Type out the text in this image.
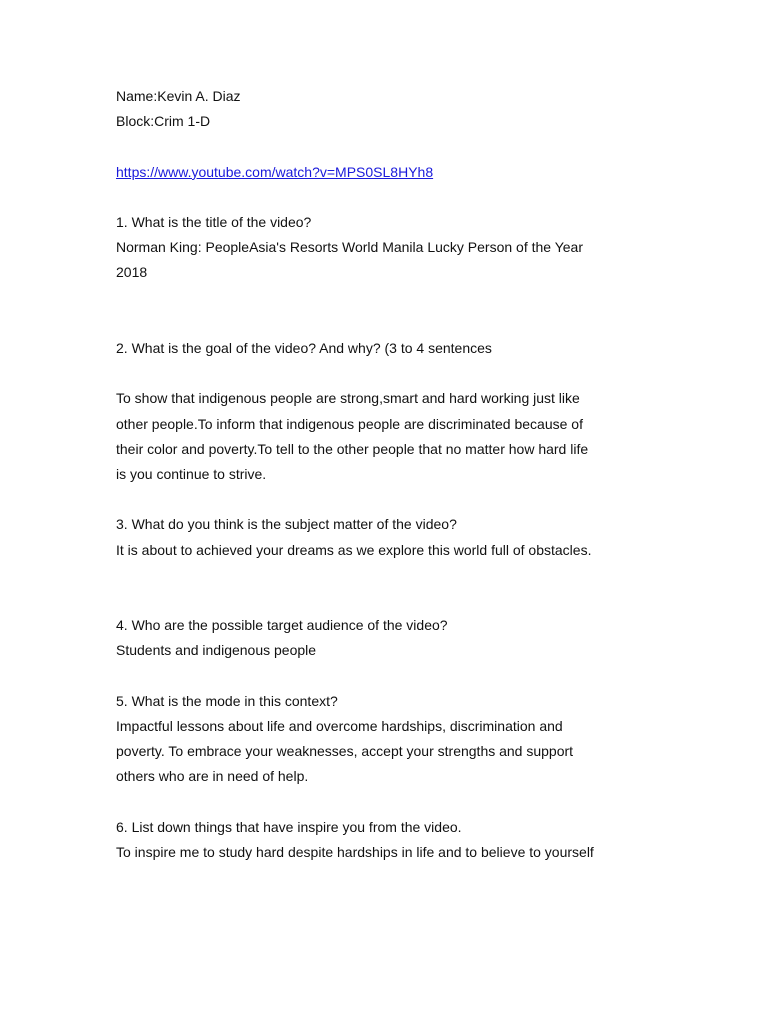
Name:Kevin A. Diaz

Block:Crim 1-D

https://www.youtube.com/watch?v=MPS0SL8HYh8

1. What is the title of the video?

Norman King: PeopleAsia's Resorts World Manila Lucky Person of the Year

2018

2. What is the goal of the video? And why? (3 to 4 sentences

To show that indigenous people are strong,smart and hard working just like

other people.To inform that indigenous people are discriminated because of

their color and poverty.To tell to the other people that no matter how hard life

is you continue to strive.

3. What do you think is the subject matter of the video?

It is about to achieved your dreams as we explore this world full of obstacles.

4. Who are the possible target audience of the video?

Students and indigenous people

5. What is the mode in this context?

Impactful lessons about life and overcome hardships, discrimination and

poverty. To embrace your weaknesses, accept your strengths and support

others who are in need of help.

6. List down things that have inspire you from the video.

To inspire me to study hard despite hardships in life and to believe to yourself
